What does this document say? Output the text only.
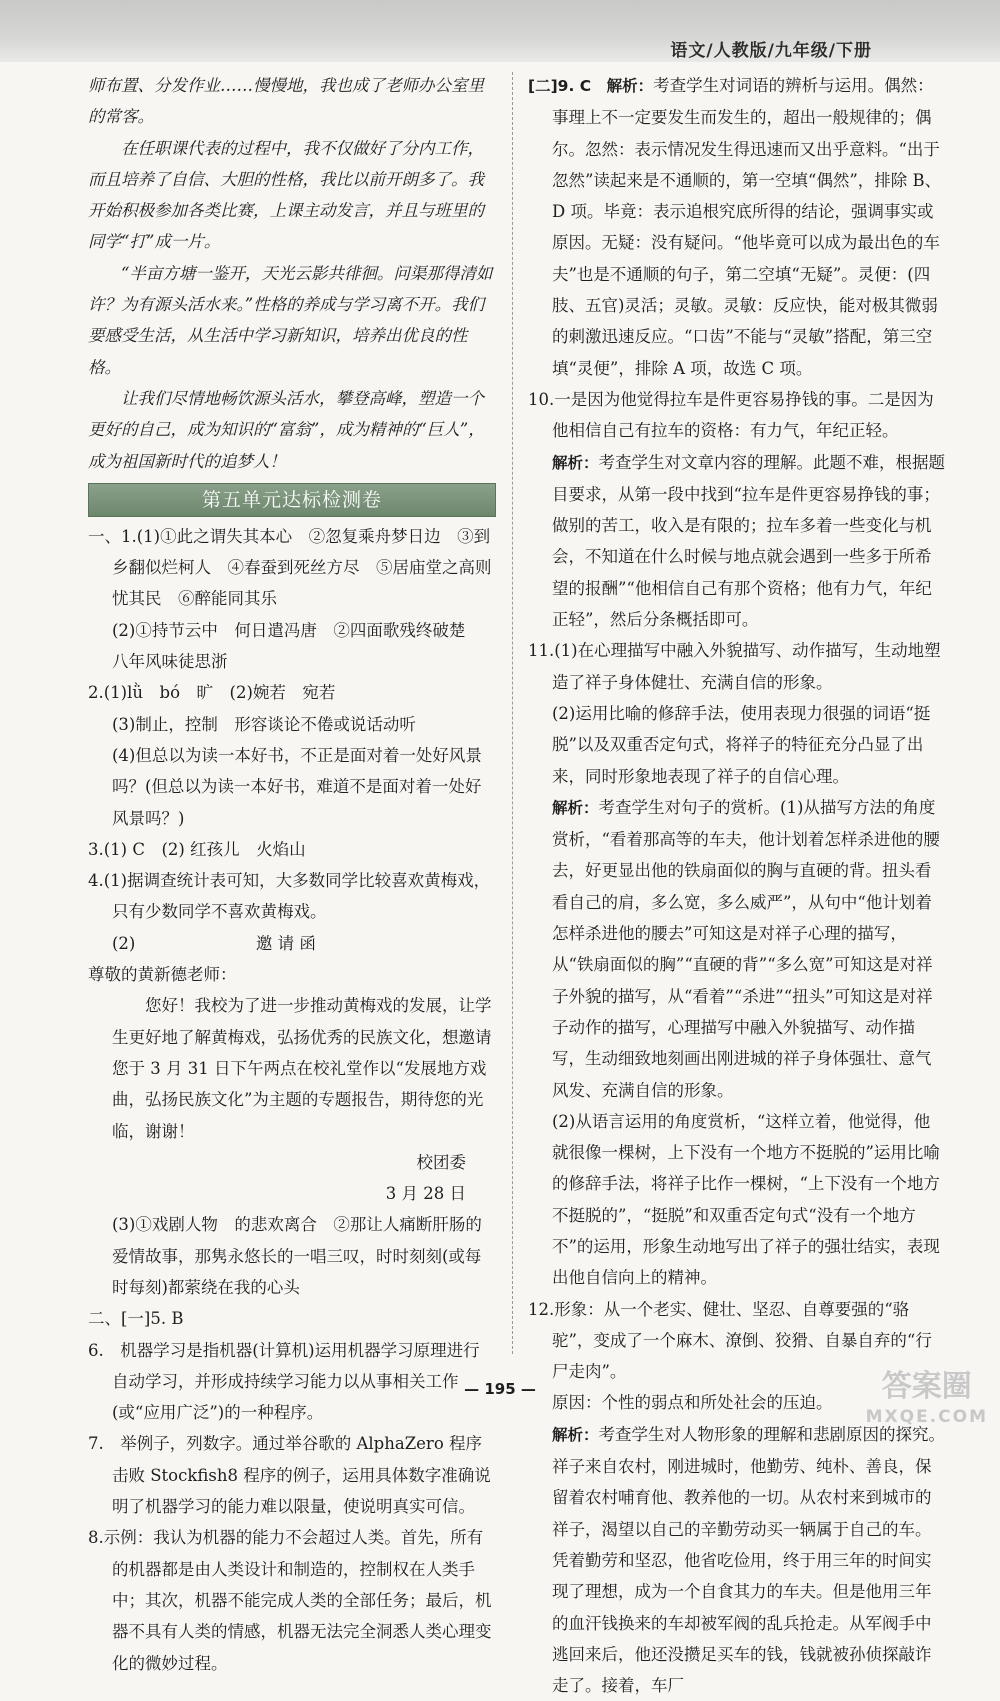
语文/人教版/九年级/下册

师布置、分发作业……慢慢地，我也成了老师办公室里的常客。

在任职课代表的过程中，我不仅做好了分内工作，而且培养了自信、大胆的性格，我比以前开朗多了。我开始积极参加各类比赛，上课主动发言，并且与班里的同学“打”成一片。

“半亩方塘一鉴开，天光云影共徘徊。问渠那得清如许？为有源头活水来。”性格的养成与学习离不开。我们要感受生活，从生活中学习新知识，培养出优良的性格。

让我们尽情地畅饮源头活水，攀登高峰，塑造一个更好的自己，成为知识的“富翁”，成为精神的“巨人”，成为祖国新时代的追梦人！

第五单元达标检测卷

一、1.(1)①此之谓失其本心　②忽复乘舟梦日边　③到乡翻似烂柯人　④春蚕到死丝方尽　⑤居庙堂之高则忧其民　⑥醉能同其乐

(2)①持节云中　何日遣冯唐　②四面歌残终破楚　八年风味徒思浙

2.(1)lǜ　bó　旷　(2)婉若　宛若

(3)制止，控制　形容谈论不倦或说话动听

(4)但总以为读一本好书，不正是面对着一处好风景吗？(但总以为读一本好书，难道不是面对着一处好风景吗？)

3.(1) C　(2) 红孩儿　火焰山

4.(1)据调查统计表可知，大多数同学比较喜欢黄梅戏，只有少数同学不喜欢黄梅戏。

(2)	邀 请 函

尊敬的黄新德老师：

您好！我校为了进一步推动黄梅戏的发展，让学生更好地了解黄梅戏，弘扬优秀的民族文化，想邀请您于 3 月 31 日下午两点在校礼堂作以“发展地方戏曲，弘扬民族文化”为主题的专题报告，期待您的光临，谢谢！

校团委

3 月 28 日

(3)①戏剧人物　的悲欢离合　②那让人痛断肝肠的爱情故事，那隽永悠长的一唱三叹，时时刻刻(或每时每刻)都萦绕在我的心头

二、[一]5. B

6.　机器学习是指机器(计算机)运用机器学习原理进行自动学习，并形成持续学习能力以从事相关工作(或“应用广泛”)的一种程序。

7.　举例子，列数字。通过举谷歌的 AlphaZero 程序击败 Stockfish8 程序的例子，运用具体数字准确说明了机器学习的能力难以限量，使说明真实可信。

8.示例：我认为机器的能力不会超过人类。首先，所有的机器都是由人类设计和制造的，控制权在人类手中；其次，机器不能完成人类的全部任务；最后，机器不具有人类的情感，机器无法完全洞悉人类心理变化的微妙过程。

[二]9. C　解析：考查学生对词语的辨析与运用。偶然：事理上不一定要发生而发生的，超出一般规律的；偶尔。忽然：表示情况发生得迅速而又出乎意料。“出于忽然”读起来是不通顺的，第一空填“偶然”，排除 B、D 项。毕竟：表示追根究底所得的结论，强调事实或原因。无疑：没有疑问。“他毕竟可以成为最出色的车夫”也是不通顺的句子，第二空填“无疑”。灵便：(四肢、五官)灵活；灵敏。灵敏：反应快，能对极其微弱的刺激迅速反应。“口齿”不能与“灵敏”搭配，第三空填“灵便”，排除 A 项，故选 C 项。

10.一是因为他觉得拉车是件更容易挣钱的事。二是因为他相信自己有拉车的资格：有力气，年纪正轻。

解析：考查学生对文章内容的理解。此题不难，根据题目要求，从第一段中找到“拉车是件更容易挣钱的事；做别的苦工，收入是有限的；拉车多着一些变化与机会，不知道在什么时候与地点就会遇到一些多于所希望的报酬”“他相信自己有那个资格；他有力气，年纪正轻”，然后分条概括即可。

11.(1)在心理描写中融入外貌描写、动作描写，生动地塑造了祥子身体健壮、充满自信的形象。

(2)运用比喻的修辞手法，使用表现力很强的词语“挺脱”以及双重否定句式，将祥子的特征充分凸显了出来，同时形象地表现了祥子的自信心理。

解析：考查学生对句子的赏析。(1)从描写方法的角度赏析，“看着那高等的车夫，他计划着怎样杀进他的腰去，好更显出他的铁扇面似的胸与直硬的背。扭头看看自己的肩，多么宽，多么威严”，从句中“他计划着怎样杀进他的腰去”可知这是对祥子心理的描写，从“铁扇面似的胸”“直硬的背”“多么宽”可知这是对祥子外貌的描写，从“看着”“杀进”“扭头”可知这是对祥子动作的描写，心理描写中融入外貌描写、动作描写，生动细致地刻画出刚进城的祥子身体强壮、意气风发、充满自信的形象。

(2)从语言运用的角度赏析，“这样立着，他觉得，他就很像一棵树，上下没有一个地方不挺脱的”运用比喻的修辞手法，将祥子比作一棵树，“上下没有一个地方不挺脱的”，“挺脱”和双重否定句式“没有一个地方不”的运用，形象生动地写出了祥子的强壮结实，表现出他自信向上的精神。

12.形象：从一个老实、健壮、坚忍、自尊要强的“骆驼”，变成了一个麻木、潦倒、狡猾、自暴自弃的“行尸走肉”。

原因：个性的弱点和所处社会的压迫。

解析：考查学生对人物形象的理解和悲剧原因的探究。祥子来自农村，刚进城时，他勤劳、纯朴、善良，保留着农村哺育他、教养他的一切。从农村来到城市的祥子，渴望以自己的辛勤劳动买一辆属于自己的车。凭着勤劳和坚忍，他省吃俭用，终于用三年的时间实现了理想，成为一个自食其力的车夫。但是他用三年的血汗钱换来的车却被军阀的乱兵抢走。从军阀手中逃回来后，他还没攒足买车的钱，钱就被孙侦探敲诈走了。接着，车厂

— 195 —	答案圈
MXQE.COM
